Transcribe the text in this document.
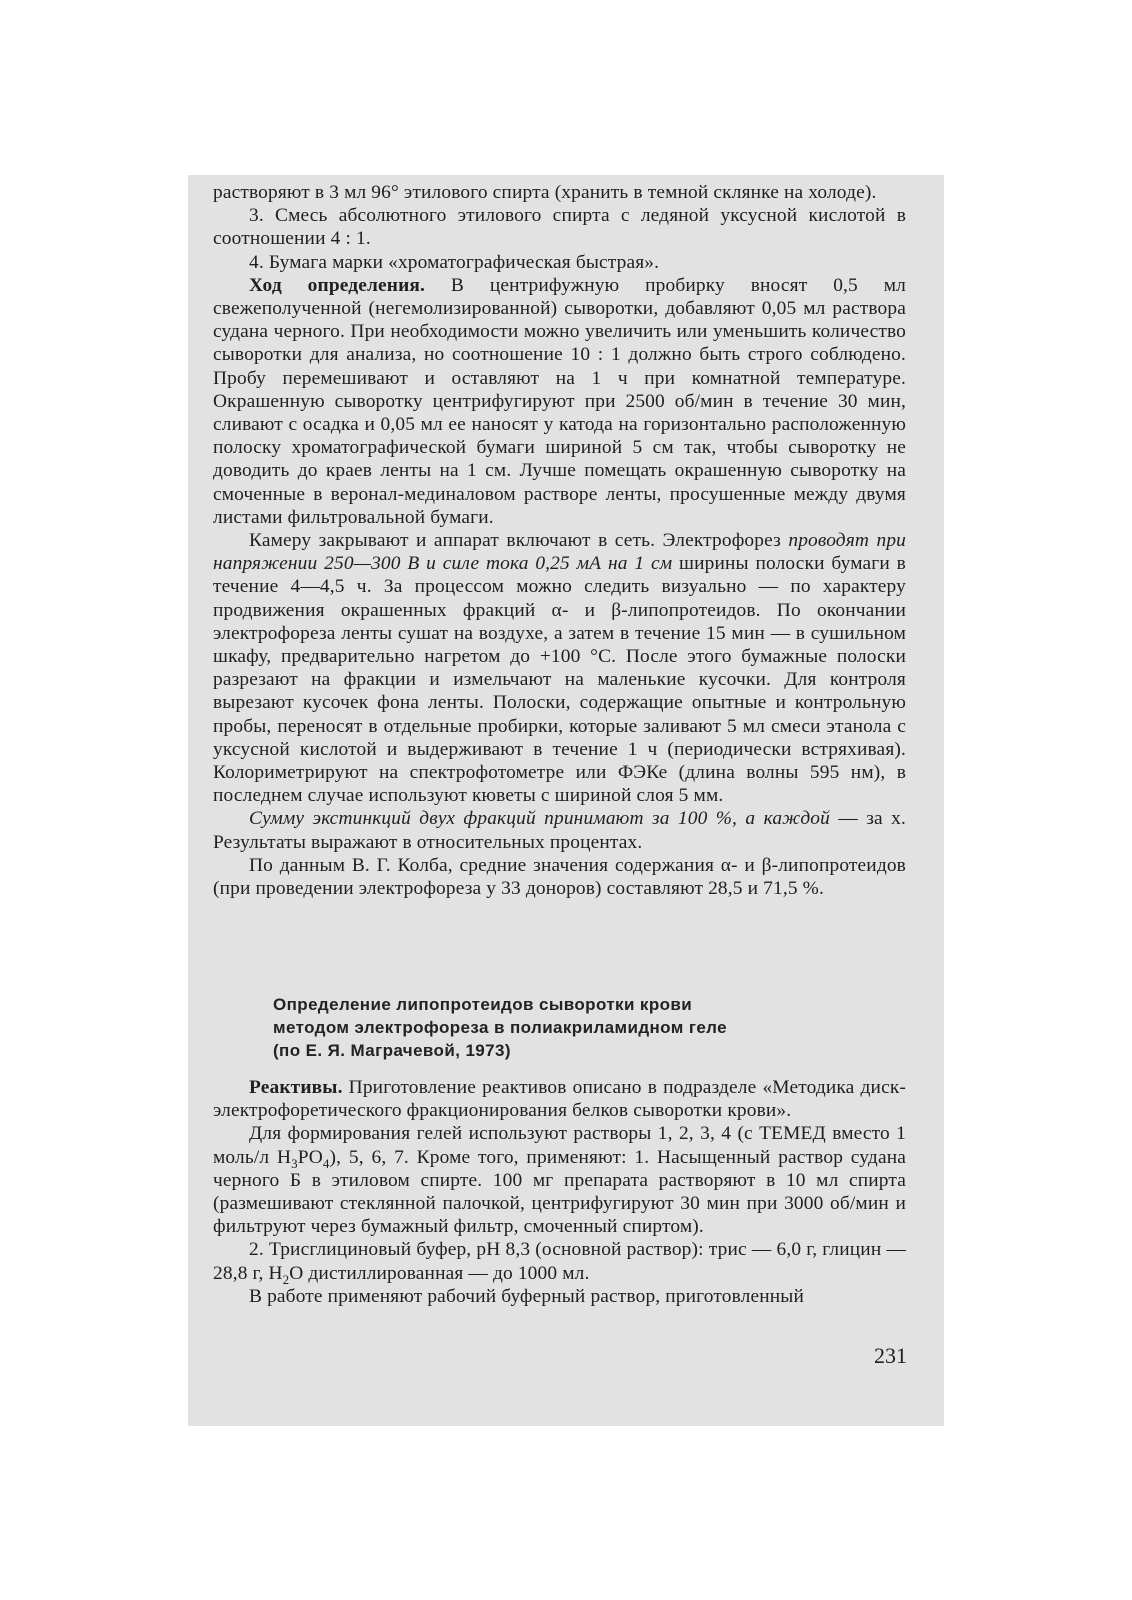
растворяют в 3 мл 96° этилового спирта (хранить в темной склянке на холоде).

3. Смесь абсолютного этилового спирта с ледяной уксусной кислотой в соотношении 4 : 1.

4. Бумага марки «хроматографическая быстрая».

Ход определения. В центрифужную пробирку вносят 0,5 мл свежеполученной (негемолизированной) сыворотки, добавляют 0,05 мл раствора судана черного. При необходимости можно увеличить или уменьшить количество сыворотки для анализа, но соотношение 10 : 1 должно быть строго соблюдено. Пробу перемешивают и оставляют на 1 ч при комнатной температуре. Окрашенную сыворотку центрифугируют при 2500 об/мин в течение 30 мин, сливают с осадка и 0,05 мл ее наносят у катода на горизонтально расположенную полоску хроматографической бумаги шириной 5 см так, чтобы сыворотку не доводить до краев ленты на 1 см. Лучше помещать окрашенную сыворотку на смоченные в веронал-мединаловом растворе ленты, просушенные между двумя листами фильтровальной бумаги.

Камеру закрывают и аппарат включают в сеть. Электрофорез проводят при напряжении 250—300 В и силе тока 0,25 мА на 1 см ширины полоски бумаги в течение 4—4,5 ч. За процессом можно следить визуально — по характеру продвижения окрашенных фракций α- и β-липопротеидов. По окончании электрофореза ленты сушат на воздухе, а затем в течение 15 мин — в сушильном шкафу, предварительно нагретом до +100 °С. После этого бумажные полоски разрезают на фракции и измельчают на маленькие кусочки. Для контроля вырезают кусочек фона ленты. Полоски, содержащие опытные и контрольную пробы, переносят в отдельные пробирки, которые заливают 5 мл смеси этанола с уксусной кислотой и выдерживают в течение 1 ч (периодически встряхивая). Колориметрируют на спектрофотометре или ФЭКе (длина волны 595 нм), в последнем случае используют кюветы с шириной слоя 5 мм.

Сумму экстинкций двух фракций принимают за 100 %, а каждой — за х. Результаты выражают в относительных процентах.

По данным В. Г. Колба, средние значения содержания α- и β-липопротеидов (при проведении электрофореза у 33 доноров) составляют 28,5 и 71,5 %.

Определение липопротеидов сыворотки крови
методом электрофореза в полиакриламидном геле
(по Е. Я. Маграчевой, 1973)

Реактивы. Приготовление реактивов описано в подразделе «Методика диск-электрофоретического фракционирования белков сыворотки крови».

Для формирования гелей используют растворы 1, 2, 3, 4 (с ТЕМЕД вместо 1 моль/л $H_3PO_4$), 5, 6, 7. Кроме того, применяют: 1. Насыщенный раствор судана черного Б в этиловом спирте. 100 мг препарата растворяют в 10 мл спирта (размешивают стеклянной палочкой, центрифугируют 30 мин при 3000 об/мин и фильтруют через бумажный фильтр, смоченный спиртом).

2. Трисглициновый буфер, pH 8,3 (основной раствор): трис — 6,0 г, глицин — 28,8 г, $H_2O$ дистиллированная — до 1000 мл.

В работе применяют рабочий буферный раствор, приготовленный

231
